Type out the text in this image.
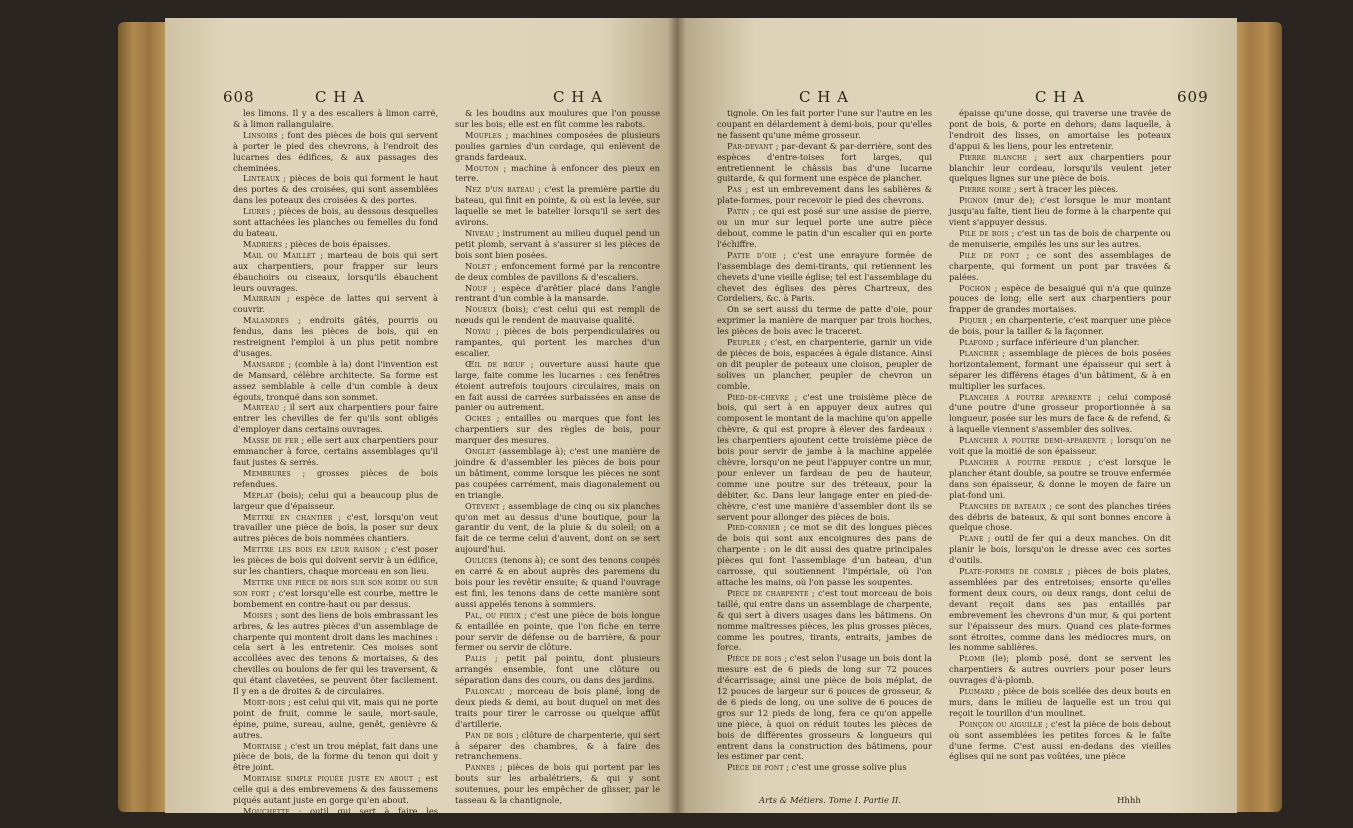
608	C H A	C H A

les limons. Il y a des escaliers à limon carré, & à limon rallangulaire.

Linsoirs ; font des pièces de bois qui servent à porter le pied des chevrons, à l'endroit des lucarnes des édifices, & aux passages des cheminées.

Linteaux ; pièces de bois qui forment le haut des portes & des croisées, qui sont assemblées dans les poteaux des croisées & des portes.

Liures ; pièces de bois, au dessous desquelles sont attachées les planches ou femelles du fond du bateau.

Madriers ; pièces de bois épaisses.

Mail ou Maillet ; marteau de bois qui sert aux charpentiers, pour frapper sur leurs ébauchoirs ou ciseaux, lorsqu'ils ébauchent leurs ouvrages.

Mairrain ; espèce de lattes qui servent à couvrir.

Malandres ; endroits gâtés, pourris ou fendus, dans les pièces de bois, qui en restreignent l'emploi à un plus petit nombre d'usages.

Mansarde ; (comble à la) dont l'invention est de Mansard, célèbre architecte. Sa forme est assez semblable à celle d'un comble à deux égouts, tronqué dans son sommet.

Marteau ; il sert aux charpentiers pour faire entrer les chevilles de fer qu'ils sont obligés d'employer dans certains ouvrages.

Masse de fer ; elle sert aux charpentiers pour emmancher à force, certains assemblages qu'il faut justes & serrés.

Membrures ; grosses pièces de bois refendues.

Méplat (bois); celui qui a beaucoup plus de largeur que d'épaisseur.

Mettre en chantier ; c'est, lorsqu'on veut travailler une pièce de bois, la poser sur deux autres pièces de bois nommées chantiers.

Mettre les bois en leur raison ; c'est poser les pièces de bois qui doivent servir à un édifice, sur les chantiers, chaque morceau en son lieu.

Mettre une pièce de bois sur son roide ou sur son fort ; c'est lorsqu'elle est courbe, mettre le bombement en contre-haut ou par dessus.

Moises ; sont des liens de bois embrassant les arbres, & les autres pièces d'un assemblage de charpente qui montent droit dans les machines : cela sert à les entretenir. Ces moises sont accollées avec des tenons & mortaises, & des chevilles ou boulons de fer qui les traversent, & qui étant clavetées, se peuvent ôter facilement. Il y en a de droites & de circulaires.

Mort-bois ; est celui qui vit, mais qui ne porte point de fruit, comme le saule, mort-saule, épine, puine, sureau, aulne, genêt, genièvre & autres.

Mortaise ; c'est un trou méplat, fait dans une pièce de bois, de la forme du tenon qui doit y être joint.

Mortaise simple piquée juste en about ; est celle qui a des embrevemens & des faussemens piqués autant juste en gorge qu'en about.

Mouchette ; outil qui sert à faire les baguettes

& les boudins aux moulures que l'on pousse sur les bois; elle est en fût comme les rabots.

Moufles ; machines composées de plusieurs poulies garnies d'un cordage, qui enlèvent de grands fardeaux.

Mouton ; machine à enfoncer des pieux en terre.

Nez d'un bateau ; c'est la première partie du bateau, qui finit en pointe, & où est la levée, sur laquelle se met le batelier lorsqu'il se sert des avirons.

Niveau ; instrument au milieu duquel pend un petit plomb, servant à s'assurer si les pièces de bois sont bien posées.

Nolet ; enfoncement formé par la rencontre de deux combles de pavillons & d'escaliers.

Nouf ; espèce d'arêtier placé dans l'angle rentrant d'un comble à la mansarde.

Noueux (bois); c'est celui qui est rempli de nœuds qui le rendent de mauvaise qualité.

Noyau ; pièces de bois perpendiculaires ou rampantes, qui portent les marches d'un escalier.

Œil de bœuf ; ouverture aussi haute que large, faite comme les lucarnes : ces fenêtres étoient autrefois toujours circulaires, mais on en fait aussi de carrées surbaissées en anse de panier ou autrement.

Oches ; entailles ou marques que font les charpentiers sur des règles de bois, pour marquer des mesures.

Onglet (assemblage à); c'est une manière de joindre & d'assembler les pièces de bois pour un bâtiment, comme lorsque les pièces ne sont pas coupées carrément, mais diagonalement ou en triangle.

Otevent ; assemblage de cinq ou six planches qu'on met au dessus d'une boutique, pour la garantir du vent, de la pluie & du soleil; on a fait de ce terme celui d'auvent, dont on se sert aujourd'hui.

Oulices (tenons à); ce sont des tenons coupés en carré & en about auprès des paremens du bois pour les revêtir ensuite; & quand l'ouvrage est fini, les tenons dans de cette manière sont aussi appelés tenons à sommiers.

Pal, ou pieux ; c'est une pièce de bois longue & entaillée en pointe, que l'on fiche en terre pour servir de défense ou de barrière, & pour fermer ou servir de clôture.

Palis ; petit pal pointu, dont plusieurs arrangés ensemble, font une clôture ou séparation dans des cours, ou dans des jardins.

Paloncau ; morceau de bois plané, long de deux pieds & demi, au bout duquel on met des traits pour tirer le carrosse ou quelque affût d'artillerie.

Pan de bois ; clôture de charpenterie, qui sert à séparer des chambres, & à faire des retranchemens.

Pannes ; pièces de bois qui portent par les bouts sur les arbalétriers, & qui y sont soutenues, pour les empêcher de glisser, par le tasseau & la chantignole,

C H A	C H A	609

tignole. On les fait porter l'une sur l'autre en les coupant en délardement à demi-bois, pour qu'elles ne fassent qu'une même grosseur.

Par-devant ; par-devant & par-derrière, sont des espèces d'entre-toises fort larges, qui entretiennent le châssis bas d'une lucarne guitarde, & qui forment une espèce de plancher.

Pas ; est un embrevement dans les sablières & plate-formes, pour recevoir le pied des chevrons.

Patin ; ce qui est posé sur une assise de pierre, ou un mur sur lequel porte une autre pièce debout, comme le patin d'un escalier qui en porte l'échiffre.

Patte d'oie ; c'est une enrayure formée de l'assemblage des demi-tirants, qui retiennent les chevets d'une vieille église; tel est l'assemblage du chevet des églises des pères Chartreux, des Cordeliers, &c. à Paris.

On se sert aussi du terme de patte d'oie, pour exprimer la manière de marquer par trois hoches, les pièces de bois avec le traceret.

Peupler ; c'est, en charpenterie, garnir un vide de pièces de bois, espacées à égale distance. Ainsi on dit peupler de poteaux une cloison, peupler de solives un plancher, peupler de chevron un comble.

Pied-de-chevre ; c'est une troisième pièce de bois, qui sert à en appuyer deux autres qui composent le montant de la machine qu'on appelle chèvre, & qui est propre à élever des fardeaux : les charpentiers ajoutent cette troisième pièce de bois pour servir de jambe à la machine appelée chèvre, lorsqu'on ne peut l'appuyer contre un mur, pour enlever un fardeau de peu de hauteur, comme une poutre sur des tréteaux, pour la débiter, &c. Dans leur langage enter en pied-de-chèvre, c'est une manière d'assembler dont ils se servent pour allonger des pièces de bois.

Pied-cornier ; ce mot se dit des longues pièces de bois qui sont aux encoignures des pans de charpente : on le dit aussi des quatre principales pièces qui font l'assemblage d'un bateau, d'un carrosse, qui soutiennent l'impériale, où l'on attache les mains, où l'on passe les soupentes.

Pièce de charpente ; c'est tout morceau de bois taillé, qui entre dans un assemblage de charpente, & qui sert à divers usages dans les bâtimens. On nomme maîtresses pièces, les plus grosses pièces, comme les poutres, tirants, entraits, jambes de force.

Pièce de bois ; c'est selon l'usage un bois dont la mesure est de 6 pieds de long sur 72 pouces d'écarrissage; ainsi une pièce de bois méplat, de 12 pouces de largeur sur 6 pouces de grosseur, & de 6 pieds de long, ou une solive de 6 pouces de gros sur 12 pieds de long, fera ce qu'on appelle une pièce, à quoi on réduit toutes les pièces de bois de différentes grosseurs & longueurs qui entrent dans la construction des bâtimens, pour les estimer par cent.

Pièce de pont ; c'est une grosse solive plus

épaisse qu'une dosse, qui traverse une travée de pont de bois, & porte en dehors; dans laquelle, à l'endroit des lisses, on amortaise les poteaux d'appui & les liens, pour les entretenir.

Pierre blanche ; sert aux charpentiers pour blanchir leur cordeau, lorsqu'ils veulent jeter quelques lignes sur une pièce de bois.

Pierre noire ; sert à tracer les pièces.

Pignon (mur de); c'est lorsque le mur montant jusqu'au faîte, tient lieu de forme à la charpente qui vient s'appuyer dessus.

Pile de bois ; c'est un tas de bois de charpente ou de menuiserie, empilés les uns sur les autres.

Pile de pont ; ce sont des assemblages de charpente, qui forment un pont par travées & palées.

Pochon ; espèce de besaigué qui n'a que quinze pouces de long; elle sert aux charpentiers pour frapper de grandes mortaises.

Piquer ; en charpenterie, c'est marquer une pièce de bois, pour la tailler & la façonner.

Plafond ; surface inférieure d'un plancher.

Plancher ; assemblage de pièces de bois posées horizontalement, formant une épaisseur qui sert à séparer les différens étages d'un bâtiment, & à en multiplier les surfaces.

Plancher à poutre apparente ; celui composé d'une poutre d'une grosseur proportionnée à sa longueur, posée sur les murs de face & de refend, & à laquelle viennent s'assembler des solives.

Plancher à poutre demi-apparente ; lorsqu'on ne voit que la moitié de son épaisseur.

Plancher à poutre perdue ; c'est lorsque le plancher étant double, sa poutre se trouve enfermée dans son épaisseur, & donne le moyen de faire un plat-fond uni.

Planches de bateaux ; ce sont des planches tirées des débris de bateaux, & qui sont bonnes encore à quelque chose.

Plane ; outil de fer qui a deux manches. On dit planir le bois, lorsqu'on le dresse avec ces sortes d'outils.

Plate-formes de comble ; pièces de bois plates, assemblées par des entretoises; ensorte qu'elles forment deux cours, ou deux rangs, dont celui de devant reçoit dans ses pas entaillés par embrevement les chevrons d'un mur, & qui portent sur l'épaisseur des murs. Quand ces plate-formes sont étroites, comme dans les médiocres murs, on les nomme sablières.

Plomb (le); plomb posé, dont se servent les charpentiers & autres ouvriers pour poser leurs ouvrages d'à-plomb.

Plumard ; pièce de bois scellée des deux bouts en murs, dans le milieu de laquelle est un trou qui reçoit le tourillon d'un moulinet.

Poinçon ou aiguille ; c'est la pièce de bois debout où sont assemblées les petites forces & le faîte d'une ferme. C'est aussi en-dedans des vieilles églises qui ne sont pas voûtées, une pièce

Arts & Métiers. Tome I. Partie II.	Hhhh
